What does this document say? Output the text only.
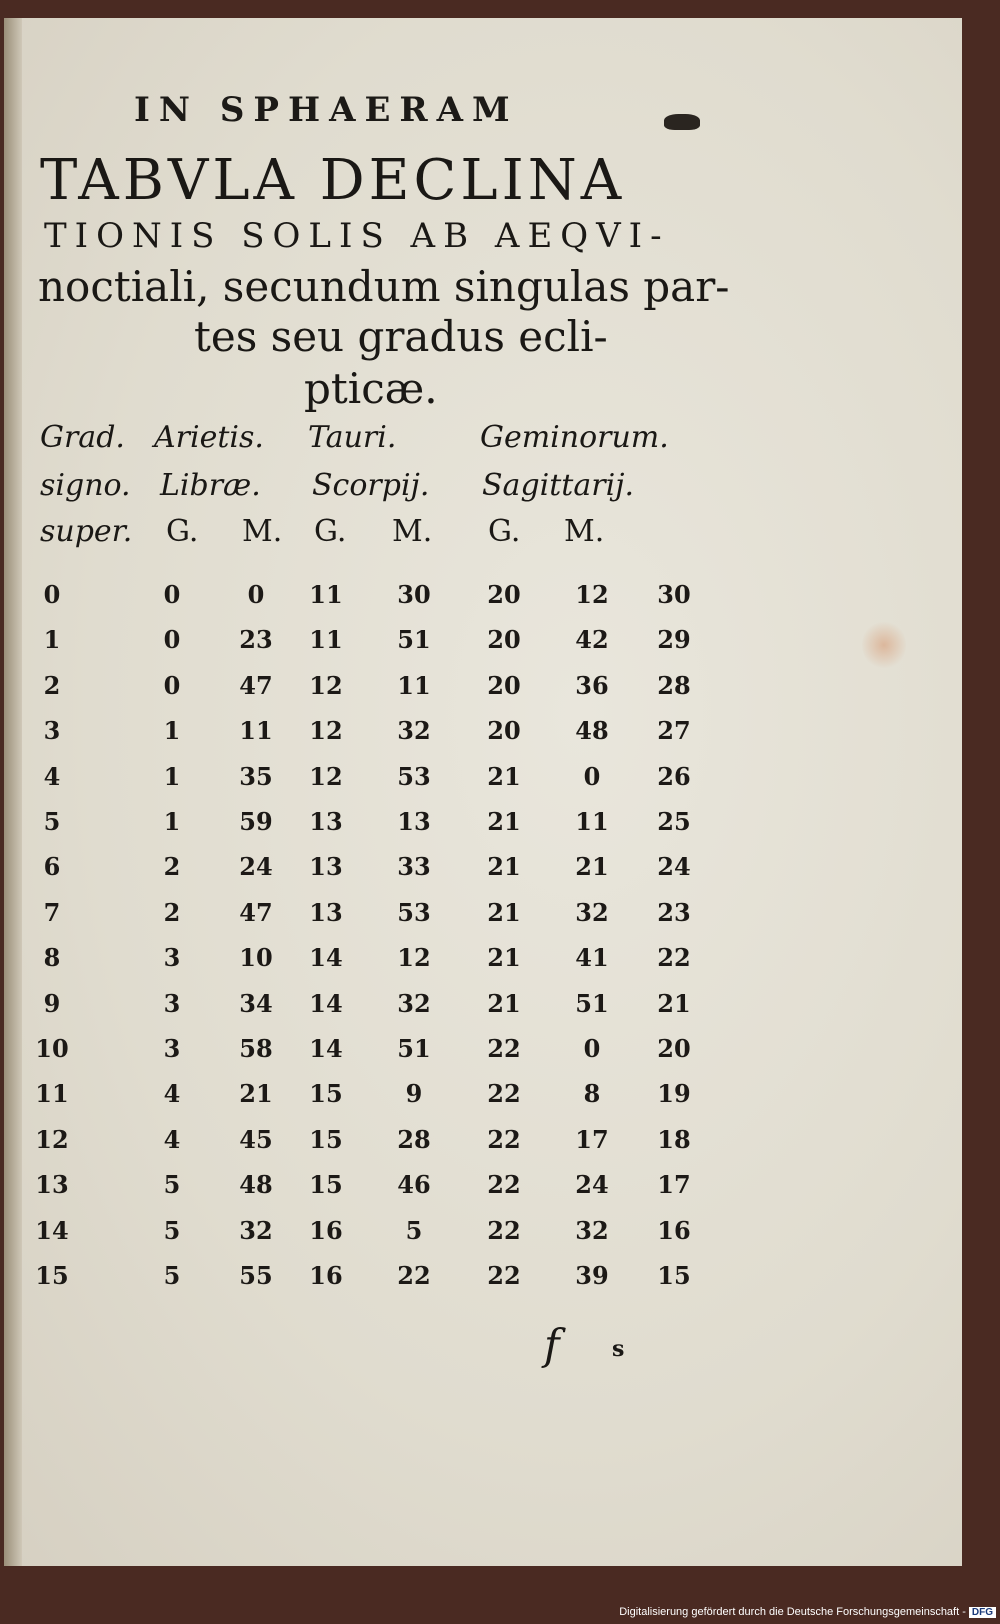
IN SPHAERAM
TABVLA DECLINA
TIONIS SOLIS AB AEQVI-
noctiali, secundum singulas par-
tes seu gradus ecli-
pticæ.
Grad. Arietis. Tauri.	Geminorum.
signo. Libræ. Scorpij. Sagittarij.
super. G. M. G. M. G. M.
0	0	0	11	30	20	12	30
1	0	23	11	51	20	42	29
2	0	47	12	11	20	36	28
3	1	11	12	32	20	48	27
4	1	35	12	53	21	0	26
5	1	59	13	13	21	11	25
6	2	24	13	33	21	21	24
7	2	47	13	53	21	32	23
8	3	10	14	12	21	41	22
9	3	34	14	32	21	51	21
10	3	58	14	51	22	0	20
11	4	21	15	9	22	8	19
12	4	45	15	28	22	17	18
13	5	48	15	46	22	24	17
14	5	32	16	5	22	32	16
15	5	55	16	22	22	39	15
f s
Digitalisierung gefördert durch die Deutsche Forschungsgemeinschaft - DFG
